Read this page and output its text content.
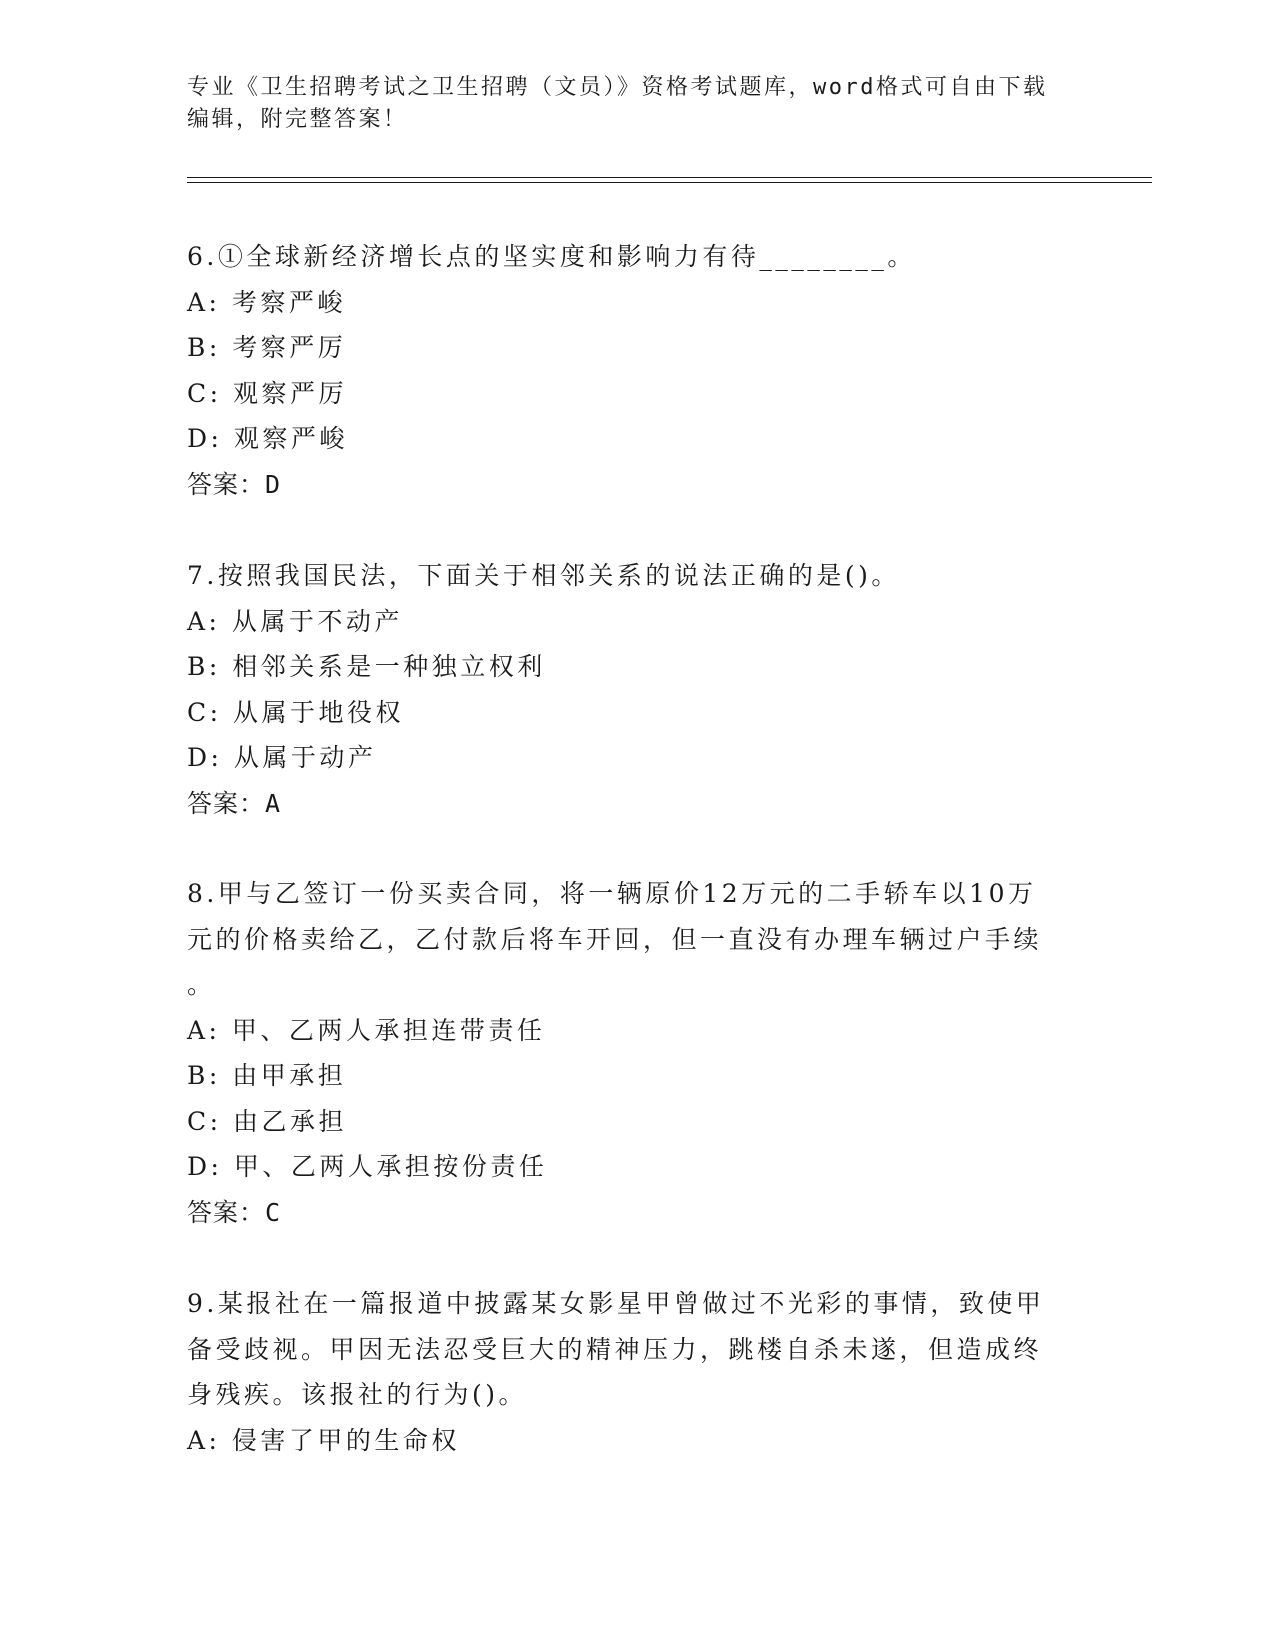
专业《卫生招聘考试之卫生招聘（文员）》资格考试题库，word格式可自由下载
编辑，附完整答案！
6.①全球新经济增长点的坚实度和影响力有待________。
A: 考察严峻
B: 考察严厉
C: 观察严厉
D: 观察严峻
答案：D
7.按照我国民法，下面关于相邻关系的说法正确的是()。
A: 从属于不动产
B: 相邻关系是一种独立权利
C: 从属于地役权
D: 从属于动产
答案：A
8.甲与乙签订一份买卖合同，将一辆原价12万元的二手轿车以10万
元的价格卖给乙，乙付款后将车开回，但一直没有办理车辆过户手续
。
A: 甲、乙两人承担连带责任
B: 由甲承担
C: 由乙承担
D: 甲、乙两人承担按份责任
答案：C
9.某报社在一篇报道中披露某女影星甲曾做过不光彩的事情，致使甲
备受歧视。甲因无法忍受巨大的精神压力，跳楼自杀未遂，但造成终
身残疾。该报社的行为()。
A: 侵害了甲的生命权
